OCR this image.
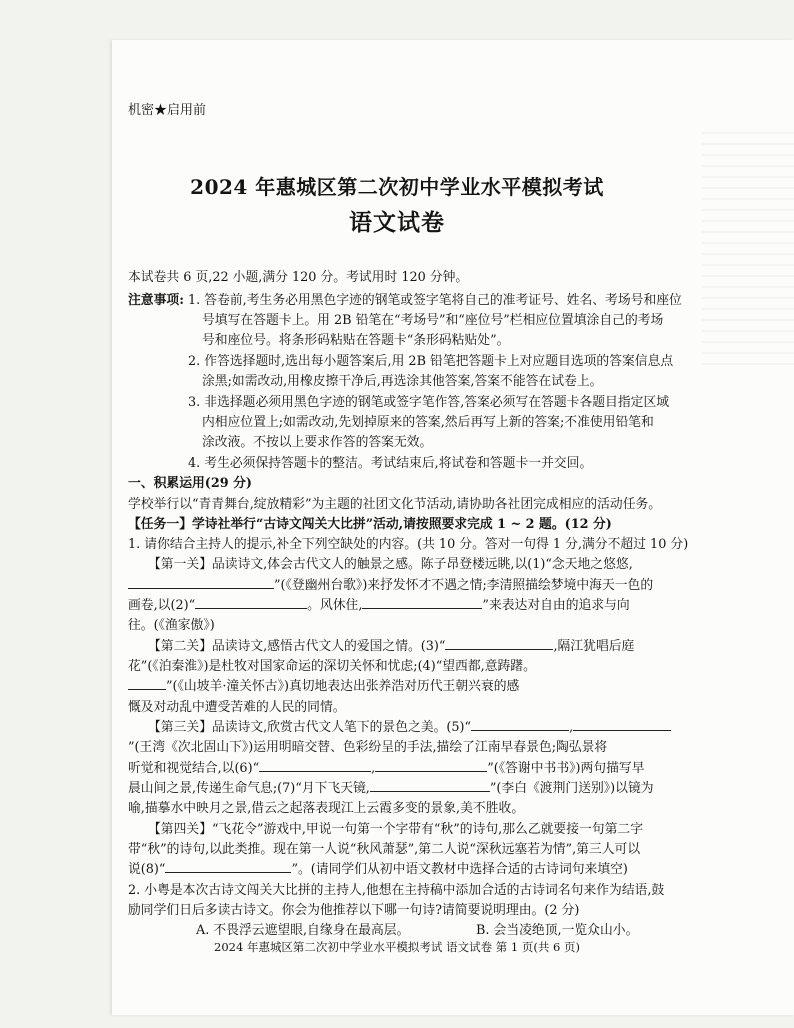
机密★启用前
2024 年惠城区第二次初中学业水平模拟考试
语文试卷
本试卷共 6 页,22 小题,满分 120 分。考试用时 120 分钟。
注意事项: 1. 答卷前,考生务必用黑色字迹的钢笔或签字笔将自己的准考证号、姓名、考场号和座位
号填写在答题卡上。用 2B 铅笔在“考场号”和“座位号”栏相应位置填涂自己的考场
号和座位号。将条形码粘贴在答题卡“条形码粘贴处”。
2. 作答选择题时,选出每小题答案后,用 2B 铅笔把答题卡上对应题目选项的答案信息点
涂黑;如需改动,用橡皮擦干净后,再选涂其他答案,答案不能答在试卷上。
3. 非选择题必须用黑色字迹的钢笔或签字笔作答,答案必须写在答题卡各题目指定区域
内相应位置上;如需改动,先划掉原来的答案,然后再写上新的答案;不准使用铅笔和
涂改液。不按以上要求作答的答案无效。
4. 考生必须保持答题卡的整洁。考试结束后,将试卷和答题卡一并交回。
一、积累运用(29 分)
学校举行以“青青舞台,绽放精彩”为主题的社团文化节活动,请协助各社团完成相应的活动任务。
【任务一】学诗社举行“古诗文闯关大比拼”活动,请按照要求完成 1 ~ 2 题。(12 分)
1. 请你结合主持人的提示,补全下列空缺处的内容。(共 10 分。答对一句得 1 分,满分不超过 10 分)
【第一关】品读诗文,体会古代文人的触景之感。陈子昂登楼远眺,以(1)“念天地之悠悠,
”(《登幽州台歌》)来抒发怀才不遇之情;李清照描绘梦境中海天一色的
画卷,以(2)“	。风休住,	”来表达对自由的追求与向
往。(《渔家傲》)
【第二关】品读诗文,感悟古代文人的爱国之情。(3)“	,隔江犹唱后庭
花”(《泊秦淮》)是杜牧对国家命运的深切关怀和忧虑;(4)“望西都,意踌躇。
”(《山坡羊·潼关怀古》)真切地表达出张养浩对历代王朝兴衰的感
慨及对动乱中遭受苦难的人民的同情。
【第三关】品读诗文,欣赏古代文人笔下的景色之美。(5)“	,
”(王湾《次北固山下》)运用明暗交替、色彩纷呈的手法,描绘了江南早春景色;陶弘景将
听觉和视觉结合,以(6)“	,	”(《答谢中书书》)两句描写早
晨山间之景,传递生命气息;(7)“月下飞天镜,	”(李白《渡荆门送别》)以镜为
喻,描摹水中映月之景,借云之起落表现江上云霞多变的景象,美不胜收。
【第四关】“飞花令”游戏中,甲说一句第一个字带有“秋”的诗句,那么乙就要接一句第二字
带“秋”的诗句,以此类推。现在第一人说“秋风萧瑟”,第二人说“深秋远塞若为情”,第三人可以
说(8)“	”。(请同学们从初中语文教材中选择合适的古诗词句来填空)
2. 小粤是本次古诗文闯关大比拼的主持人,他想在主持稿中添加合适的古诗词名句来作为结语,鼓
励同学们日后多读古诗文。你会为他推荐以下哪一句诗?请简要说明理由。(2 分)
A. 不畏浮云遮望眼,自缘身在最高层。	B. 会当凌绝顶,一览众山小。
2024 年惠城区第二次初中学业水平模拟考试 语文试卷 第 1 页(共 6 页)
